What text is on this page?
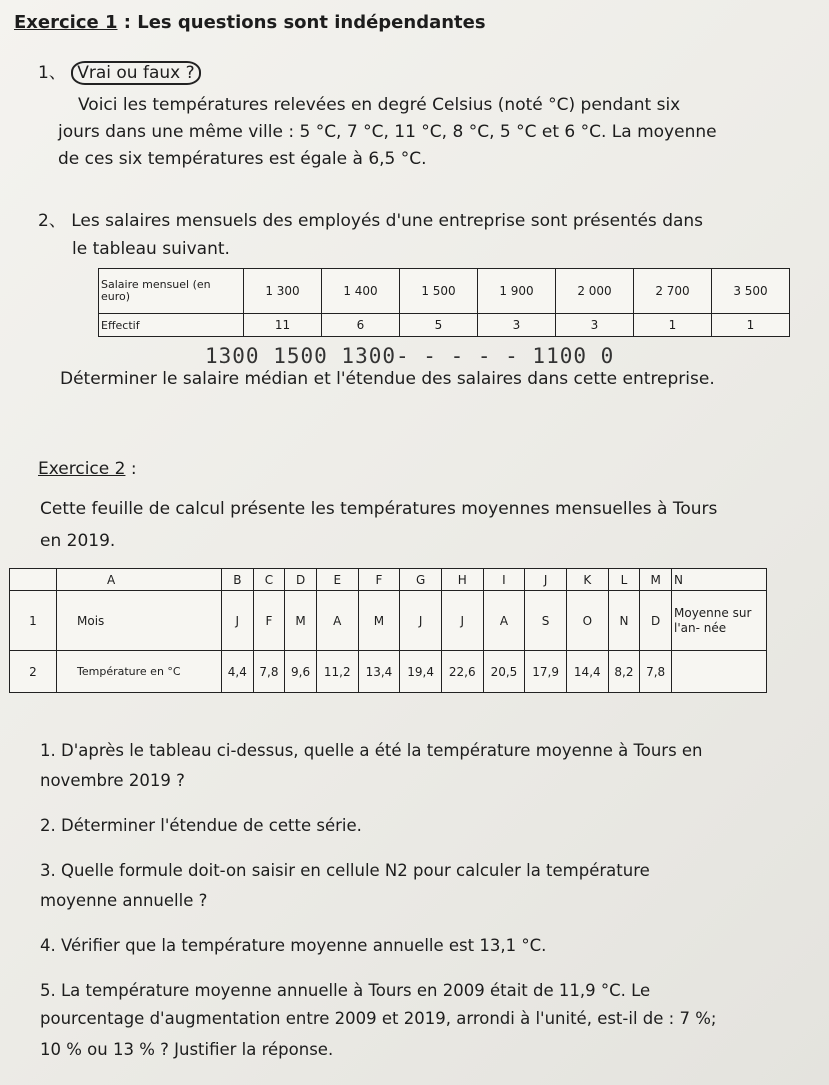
Exercice 1 : Les questions sont indépendantes
1、 Vrai ou faux ?
Voici les températures relevées en degré Celsius (noté °C) pendant six
jours dans une même ville : 5 °C, 7 °C, 11 °C, 8 °C, 5 °C et 6 °C. La moyenne
de ces six températures est égale à 6,5 °C.
2、 Les salaires mensuels des employés d'une entreprise sont présentés dans
le tableau suivant.
Salaire mensuel (en euro)	1 300	1 400	1 500	1 900	2 000	2 700	3 500
Effectif	11	6	5	3	3	1	1
1300 1500 1300- - - - - 1100 0
Déterminer le salaire médian et l'étendue des salaires dans cette entreprise.
Exercice 2 :
Cette feuille de calcul présente les températures moyennes mensuelles à Tours
en 2019.
	A	B	C	D	E	F	G	H	I	J	K	L	M	N
1	Mois	J	F	M	A	M	J	J	A	S	O	N	D	Moyenne sur l'an- née
2	Température en °C	4,4	7,8	9,6	11,2	13,4	19,4	22,6	20,5	17,9	14,4	8,2	7,8	
1. D'après le tableau ci-dessus, quelle a été la température moyenne à Tours en
novembre 2019 ?
2. Déterminer l'étendue de cette série.
3. Quelle formule doit-on saisir en cellule N2 pour calculer la température
moyenne annuelle ?
4. Vérifier que la température moyenne annuelle est 13,1 °C.
5. La température moyenne annuelle à Tours en 2009 était de 11,9 °C. Le
pourcentage d'augmentation entre 2009 et 2019, arrondi à l'unité, est-il de : 7 %;
10 % ou 13 % ? Justifier la réponse.
